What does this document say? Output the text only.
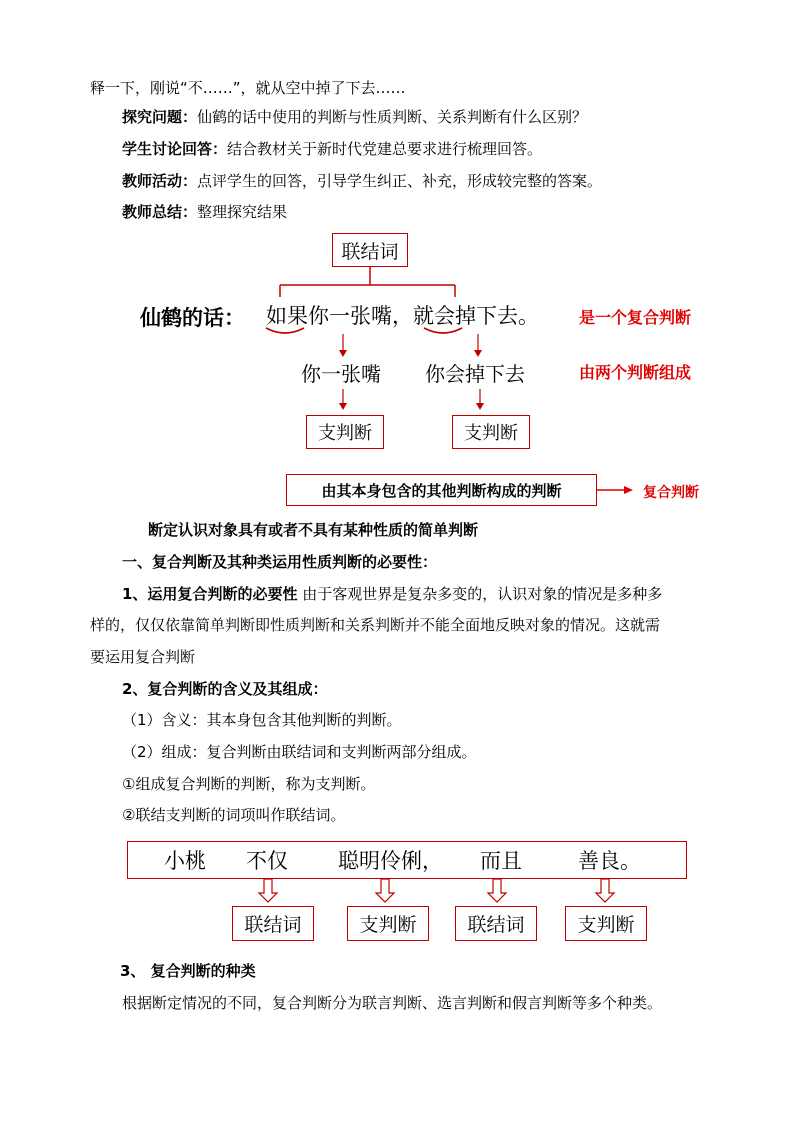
释一下，刚说“不……”，就从空中掉了下去……
探究问题：仙鹤的话中使用的判断与性质判断、关系判断有什么区别？
学生讨论回答：结合教材关于新时代党建总要求进行梳理回答。
教师活动：点评学生的回答，引导学生纠正、补充，形成较完整的答案。
教师总结：整理探究结果
联结词
仙鹤的话： 如果你一张嘴，就会掉下去。	是一个复合判断
由两个判断组成
你一张嘴 你会掉下去
支判断	支判断
由其本身包含的其他判断构成的判断	复合判断
断定认识对象具有或者不具有某种性质的简单判断
一、复合判断及其种类运用性质判断的必要性：
1、运用复合判断的必要性 由于客观世界是复杂多变的，认识对象的情况是多种多
样的，仅仅依靠简单判断即性质判断和关系判断并不能全面地反映对象的情况。这就需
要运用复合判断
2、复合判断的含义及其组成：
（1）含义：其本身包含其他判断的判断。
（2）组成：复合判断由联结词和支判断两部分组成。
①组成复合判断的判断，称为支判断。
②联结支判断的词项叫作联结词。
小桃 不仅 聪明伶俐， 而且	善良。
联结词	支判断	联结词	支判断
3、 复合判断的种类
根据断定情况的不同，复合判断分为联言判断、选言判断和假言判断等多个种类。
